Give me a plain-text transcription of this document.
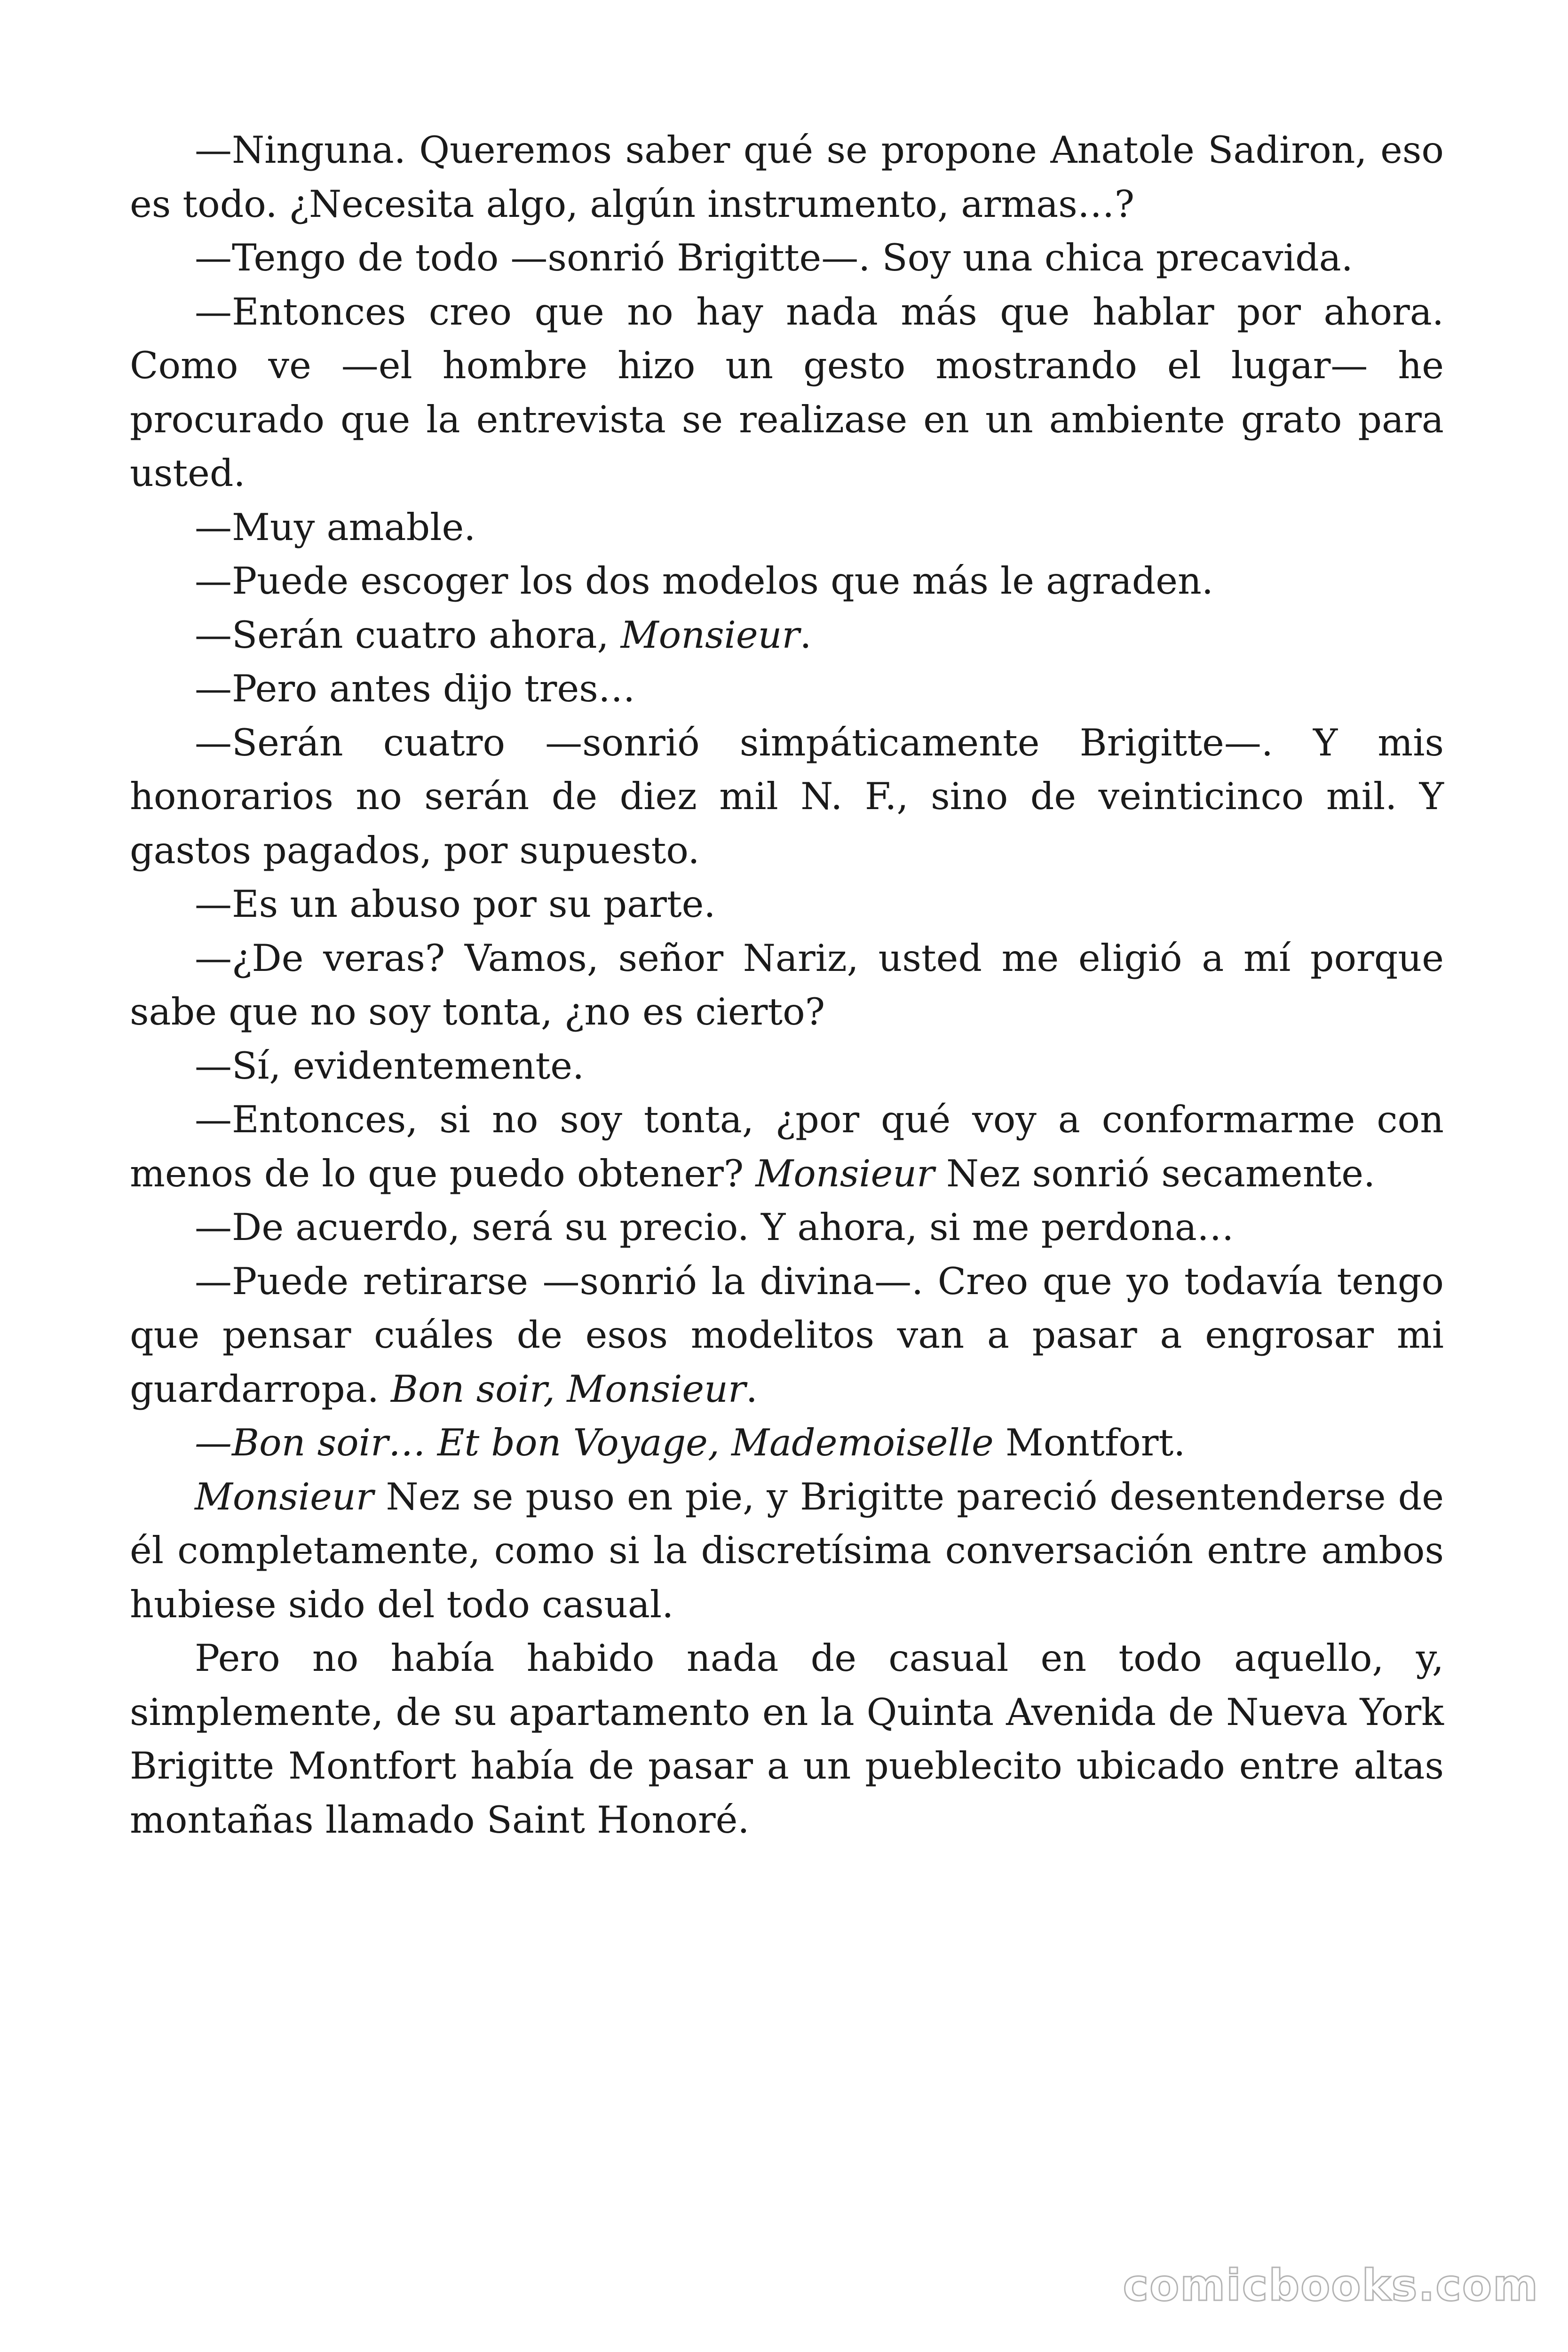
—Ninguna. Queremos saber qué se propone Anatole Sadiron, eso es todo. ¿Necesita algo, algún instrumento, armas…?

—Tengo de todo —sonrió Brigitte—. Soy una chica precavida.

—Entonces creo que no hay nada más que hablar por ahora. Como ve —el hombre hizo un gesto mostrando el lugar— he procurado que la entrevista se realizase en un ambiente grato para usted.

—Muy amable.

—Puede escoger los dos modelos que más le agraden.

—Serán cuatro ahora, Monsieur.

—Pero antes dijo tres…

—Serán cuatro —sonrió simpáticamente Brigitte—. Y mis honorarios no serán de diez mil N. F., sino de veinticinco mil. Y gastos pagados, por supuesto.

—Es un abuso por su parte.

—¿De veras? Vamos, señor Nariz, usted me eligió a mí porque sabe que no soy tonta, ¿no es cierto?

—Sí, evidentemente.

—Entonces, si no soy tonta, ¿por qué voy a conformarme con menos de lo que puedo obtener? Monsieur Nez sonrió secamente.

—De acuerdo, será su precio. Y ahora, si me perdona…

—Puede retirarse —sonrió la divina—. Creo que yo todavía tengo que pensar cuáles de esos modelitos van a pasar a engrosar mi guardarropa. Bon soir, Monsieur.

—Bon soir… Et bon Voyage, Mademoiselle Montfort.

Monsieur Nez se puso en pie, y Brigitte pareció desentenderse de él completamente, como si la discretísima conversación entre ambos hubiese sido del todo casual.

Pero no había habido nada de casual en todo aquello, y, simplemente, de su apartamento en la Quinta Avenida de Nueva York Brigitte Montfort había de pasar a un pueblecito ubicado entre altas montañas llamado Saint Honoré.

comicbooks.com
